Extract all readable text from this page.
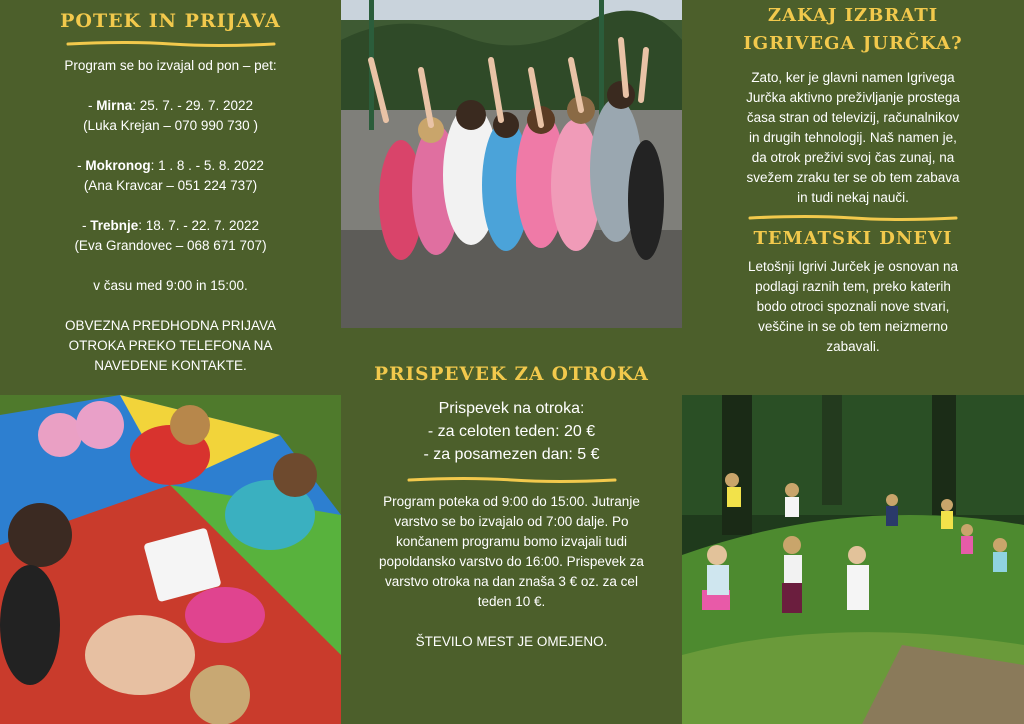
POTEK IN PRIJAVA
Program se bo izvajal od pon – pet:
- Mirna: 25. 7. - 29. 7. 2022
(Luka Krejan – 070 990 730 )
- Mokronog: 1 . 8 . - 5. 8. 2022
(Ana Kravcar – 051 224 737)
- Trebnje: 18. 7. - 22. 7. 2022
(Eva Grandovec – 068 671 707)
v času med 9:00 in 15:00.
OBVEZNA PREDHODNA PRIJAVA
OTROKA PREKO TELEFONA NA
NAVEDENE KONTAKTE.
ZAKAJ IZBRATI
IGRIVEGA JURČKA?
Zato, ker je glavni namen Igrivega
Jurčka aktivno preživljanje prostega
časa stran od televizij, računalnikov
in drugih tehnologij. Naš namen je,
da otrok preživi svoj čas zunaj, na
svežem zraku ter se ob tem zabava
in tudi nekaj nauči.
TEMATSKI DNEVI
Letošnji Igrivi Jurček je osnovan na
podlagi raznih tem, preko katerih
bodo otroci spoznali nove stvari,
veščine in se ob tem neizmerno
zabavali.
PRISPEVEK ZA OTROKA
Prispevek na otroka:
- za celoten teden: 20 €
- za posamezen dan: 5 €
Program poteka od 9:00 do 15:00. Jutranje
varstvo se bo izvajalo od 7:00 dalje. Po
končanem programu bomo izvajali tudi
popoldansko varstvo do 16:00. Prispevek za
varstvo otroka na dan znaša 3 € oz. za cel
teden 10 €.
ŠTEVILO MEST JE OMEJENO.
